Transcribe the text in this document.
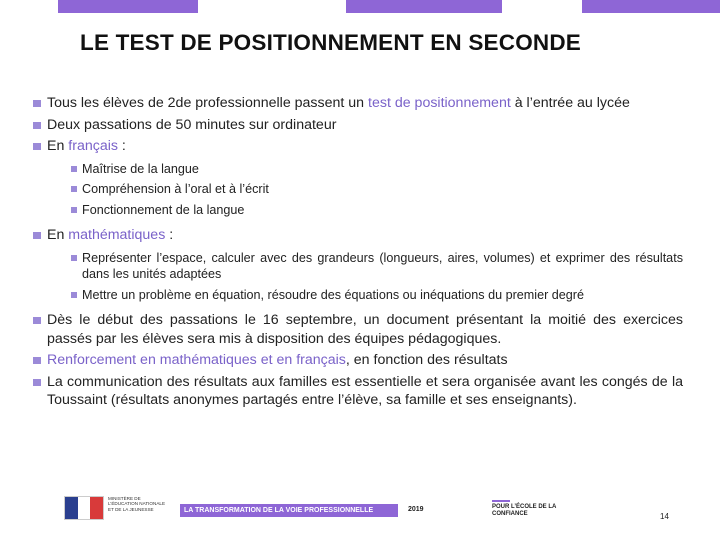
LE TEST DE POSITIONNEMENT EN SECONDE
Tous les élèves de 2de professionnelle passent un test de positionnement à l’entrée au lycée
Deux passations de 50 minutes sur ordinateur
En français :
Maîtrise de la langue
Compréhension à l’oral et à l’écrit
Fonctionnement de la langue
En mathématiques :
Représenter l’espace, calculer avec des grandeurs (longueurs, aires, volumes) et exprimer des résultats dans les unités adaptées
Mettre un problème en équation, résoudre des équations ou inéquations du premier degré
Dès le début des passations le 16 septembre, un document présentant la moitié des exercices passés par les élèves sera mis à disposition des équipes pédagogiques.
Renforcement en mathématiques et en français, en fonction des résultats
La communication des résultats aux familles est essentielle et sera organisée avant les congés de la Toussaint (résultats anonymes partagés entre l’élève, sa famille et ses enseignants).
MINISTÈRE DE L’ÉDUCATION NATIONALE ET DE LA JEUNESSE	LA TRANSFORMATION DE LA VOIE PROFESSIONNELLE	2019	POUR L’ÉCOLE DE LA CONFIANCE	14
